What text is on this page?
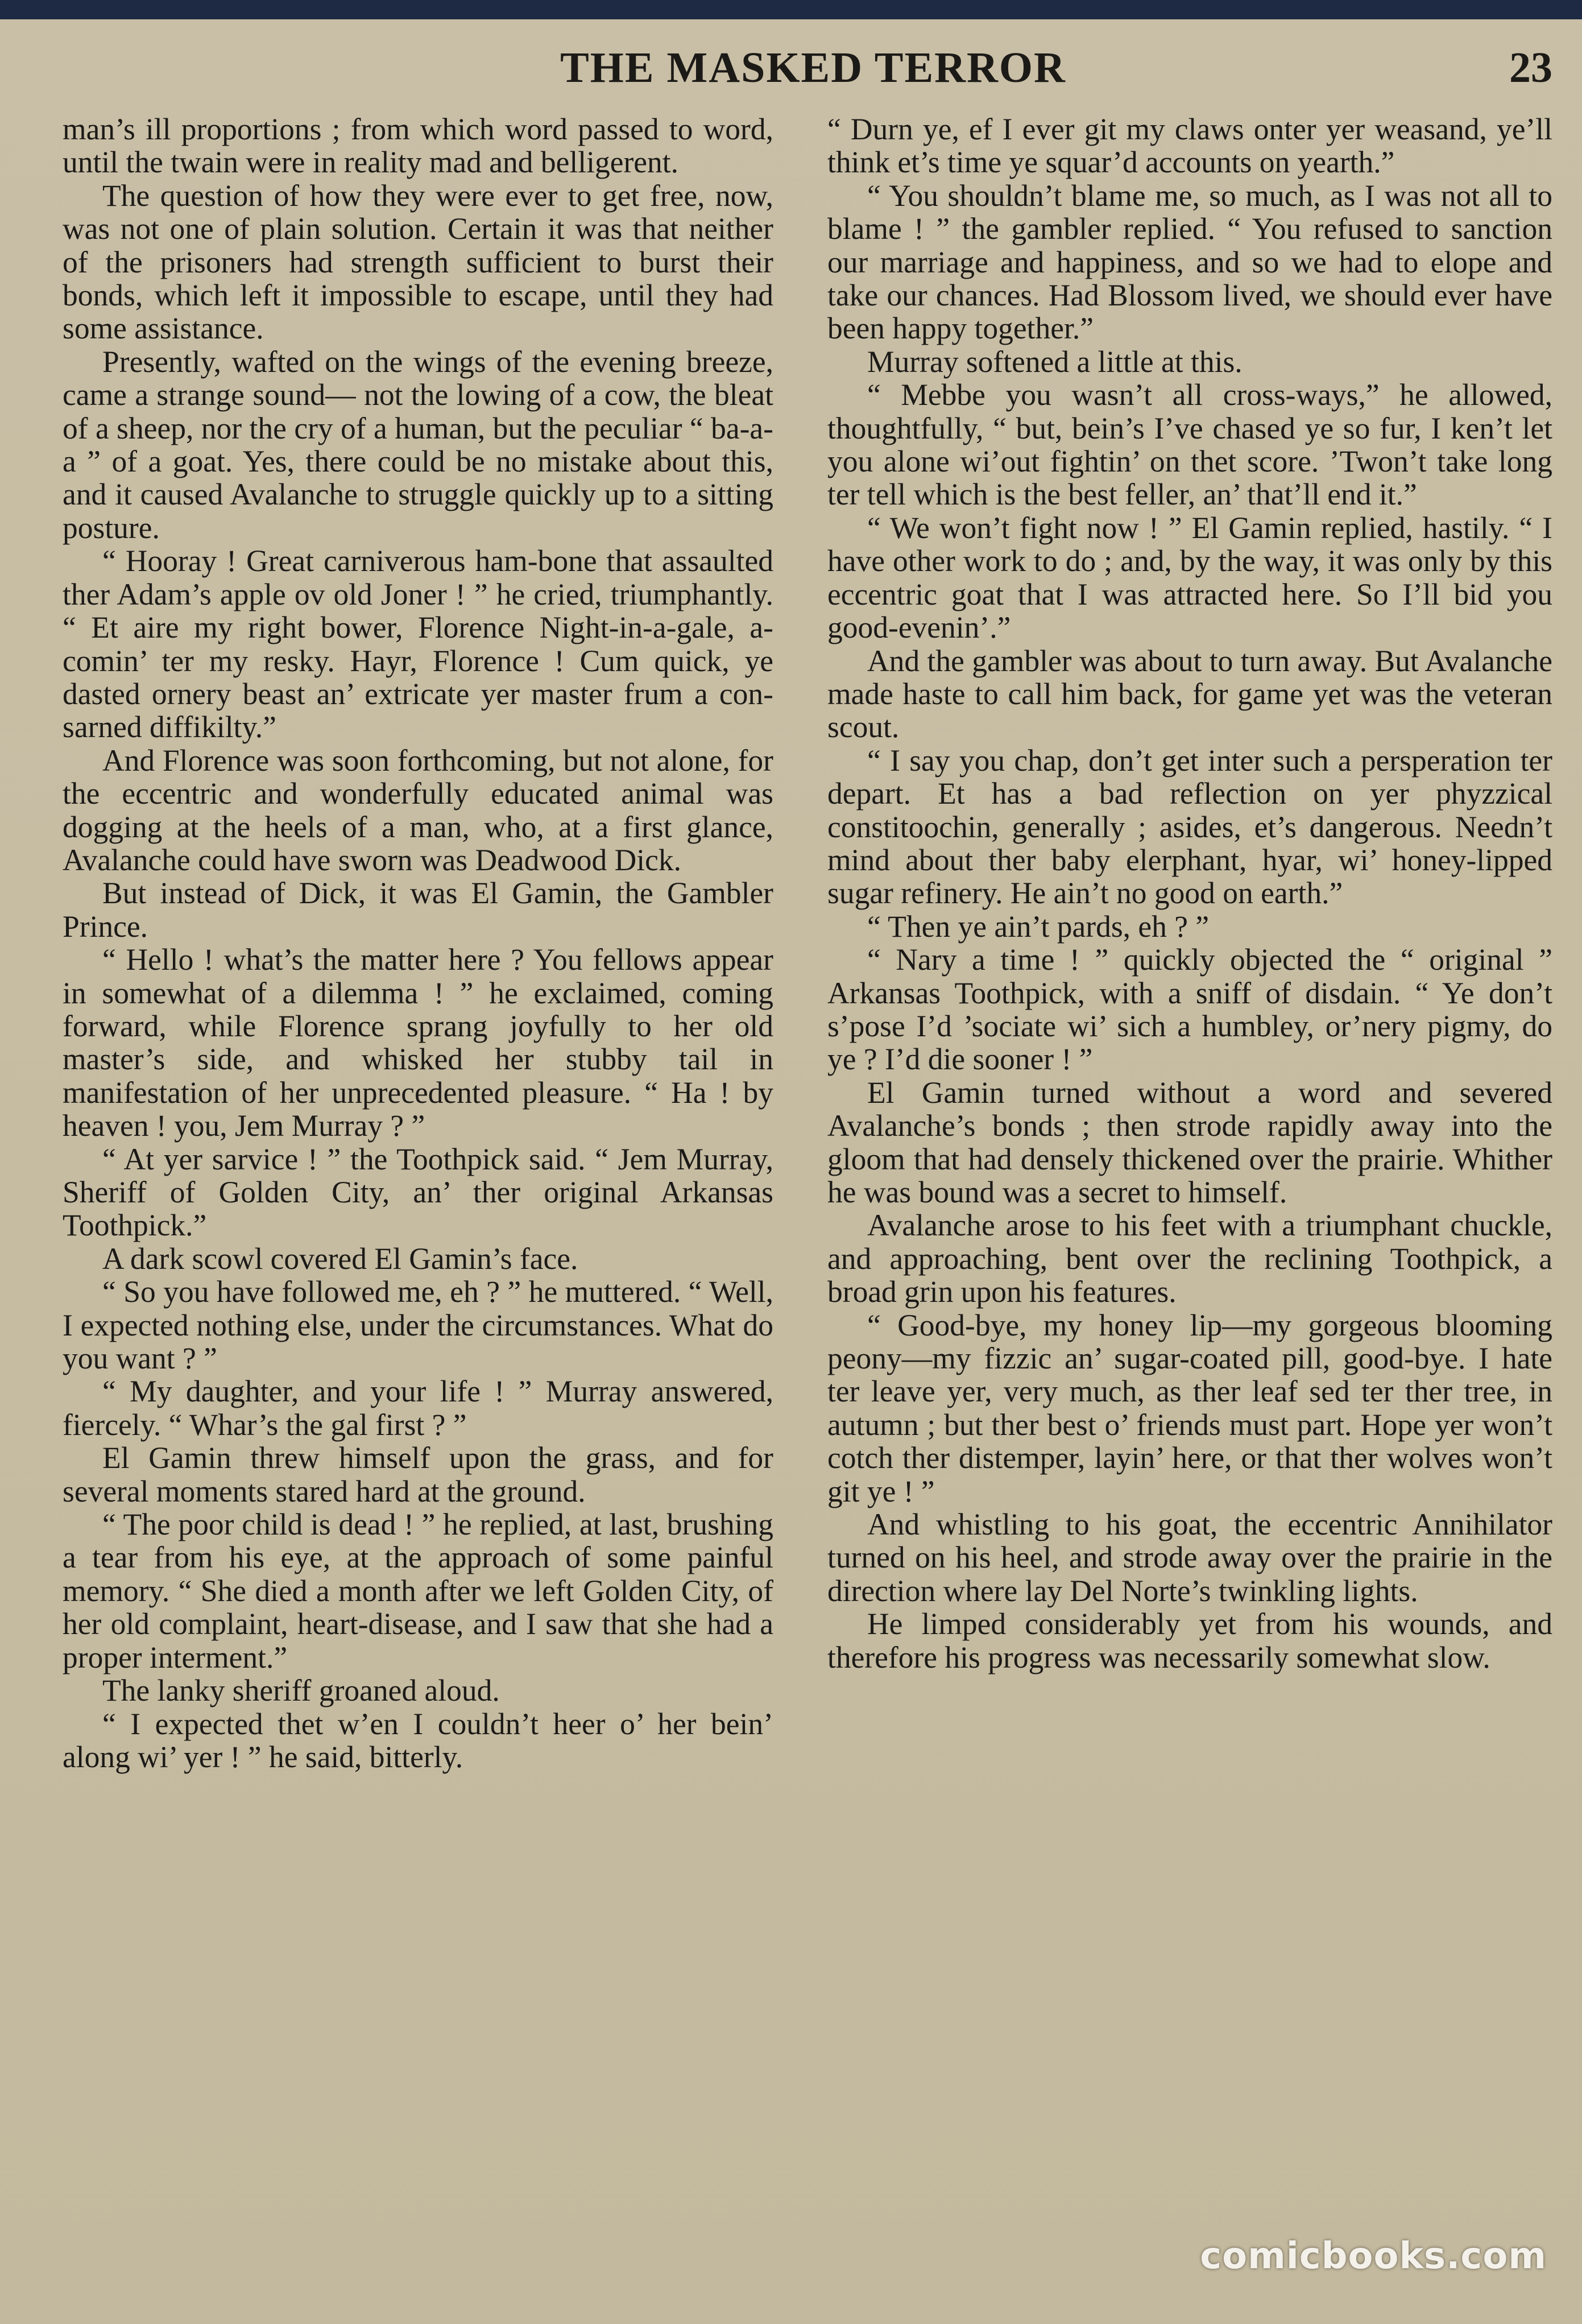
THE MASKED TERROR	23

man’s ill proportions ; from which word passed to word, until the twain were in reality mad and belligerent.

The question of how they were ever to get free, now, was not one of plain solution. Certain it was that neither of the prisoners had strength sufficient to burst their bonds, which left it impossible to escape, until they had some assistance.

Presently, wafted on the wings of the evening breeze, came a strange sound— not the lowing of a cow, the bleat of a sheep, nor the cry of a human, but the peculiar “ ba-a-a ” of a goat. Yes, there could be no mistake about this, and it caused Avalanche to struggle quickly up to a sitting posture.

“ Hooray ! Great carniverous ham-bone that assaulted ther Adam’s apple ov old Joner ! ” he cried, triumphantly. “ Et aire my right bower, Florence Night-in-a-gale, a-comin’ ter my resky. Hayr, Florence ! Cum quick, ye dasted ornery beast an’ extricate yer master frum a con-sarned diffikilty.”

And Florence was soon forthcoming, but not alone, for the eccentric and wonderfully educated animal was dogging at the heels of a man, who, at a first glance, Avalanche could have sworn was Deadwood Dick.

But instead of Dick, it was El Gamin, the Gambler Prince.

“ Hello ! what’s the matter here ? You fellows appear in somewhat of a dilemma ! ” he exclaimed, coming forward, while Florence sprang joyfully to her old master’s side, and whisked her stubby tail in manifestation of her unprecedented pleasure. “ Ha ! by heaven ! you, Jem Murray ? ”

“ At yer sarvice ! ” the Toothpick said. “ Jem Murray, Sheriff of Golden City, an’ ther original Arkansas Toothpick.”

A dark scowl covered El Gamin’s face.

“ So you have followed me, eh ? ” he muttered. “ Well, I expected nothing else, under the circumstances. What do you want ? ”

“ My daughter, and your life ! ” Murray answered, fiercely. “ Whar’s the gal first ? ”

El Gamin threw himself upon the grass, and for several moments stared hard at the ground.

“ The poor child is dead ! ” he replied, at last, brushing a tear from his eye, at the approach of some painful memory. “ She died a month after we left Golden City, of her old complaint, heart-disease, and I saw that she had a proper interment.”

The lanky sheriff groaned aloud.

“ I expected thet w’en I couldn’t heer o’ her bein’ along wi’ yer ! ” he said, bitterly.

“ Durn ye, ef I ever git my claws onter yer weasand, ye’ll think et’s time ye squar’d accounts on yearth.”

“ You shouldn’t blame me, so much, as I was not all to blame ! ” the gambler replied. “ You refused to sanction our marriage and happiness, and so we had to elope and take our chances. Had Blossom lived, we should ever have been happy together.”

Murray softened a little at this.

“ Mebbe you wasn’t all cross-ways,” he allowed, thoughtfully, “ but, bein’s I’ve chased ye so fur, I ken’t let you alone wi’out fightin’ on thet score. ’Twon’t take long ter tell which is the best feller, an’ that’ll end it.”

“ We won’t fight now ! ” El Gamin replied, hastily. “ I have other work to do ; and, by the way, it was only by this eccentric goat that I was attracted here. So I’ll bid you good-evenin’.”

And the gambler was about to turn away. But Avalanche made haste to call him back, for game yet was the veteran scout.

“ I say you chap, don’t get inter such a persperation ter depart. Et has a bad reflection on yer phyzzical constitoochin, generally ; asides, et’s dangerous. Needn’t mind about ther baby elerphant, hyar, wi’ honey-lipped sugar refinery. He ain’t no good on earth.”

“ Then ye ain’t pards, eh ? ”

“ Nary a time ! ” quickly objected the “ original ” Arkansas Toothpick, with a sniff of disdain. “ Ye don’t s’pose I’d ’sociate wi’ sich a humbley, or’nery pigmy, do ye ? I’d die sooner ! ”

El Gamin turned without a word and severed Avalanche’s bonds ; then strode rapidly away into the gloom that had densely thickened over the prairie. Whither he was bound was a secret to himself.

Avalanche arose to his feet with a triumphant chuckle, and approaching, bent over the reclining Toothpick, a broad grin upon his features.

“ Good-bye, my honey lip—my gorgeous blooming peony—my fizzic an’ sugar-coated pill, good-bye. I hate ter leave yer, very much, as ther leaf sed ter ther tree, in autumn ; but ther best o’ friends must part. Hope yer won’t cotch ther distemper, layin’ here, or that ther wolves won’t git ye ! ”

And whistling to his goat, the eccentric Annihilator turned on his heel, and strode away over the prairie in the direction where lay Del Norte’s twinkling lights.

He limped considerably yet from his wounds, and therefore his progress was necessarily somewhat slow.

comicbooks.com
